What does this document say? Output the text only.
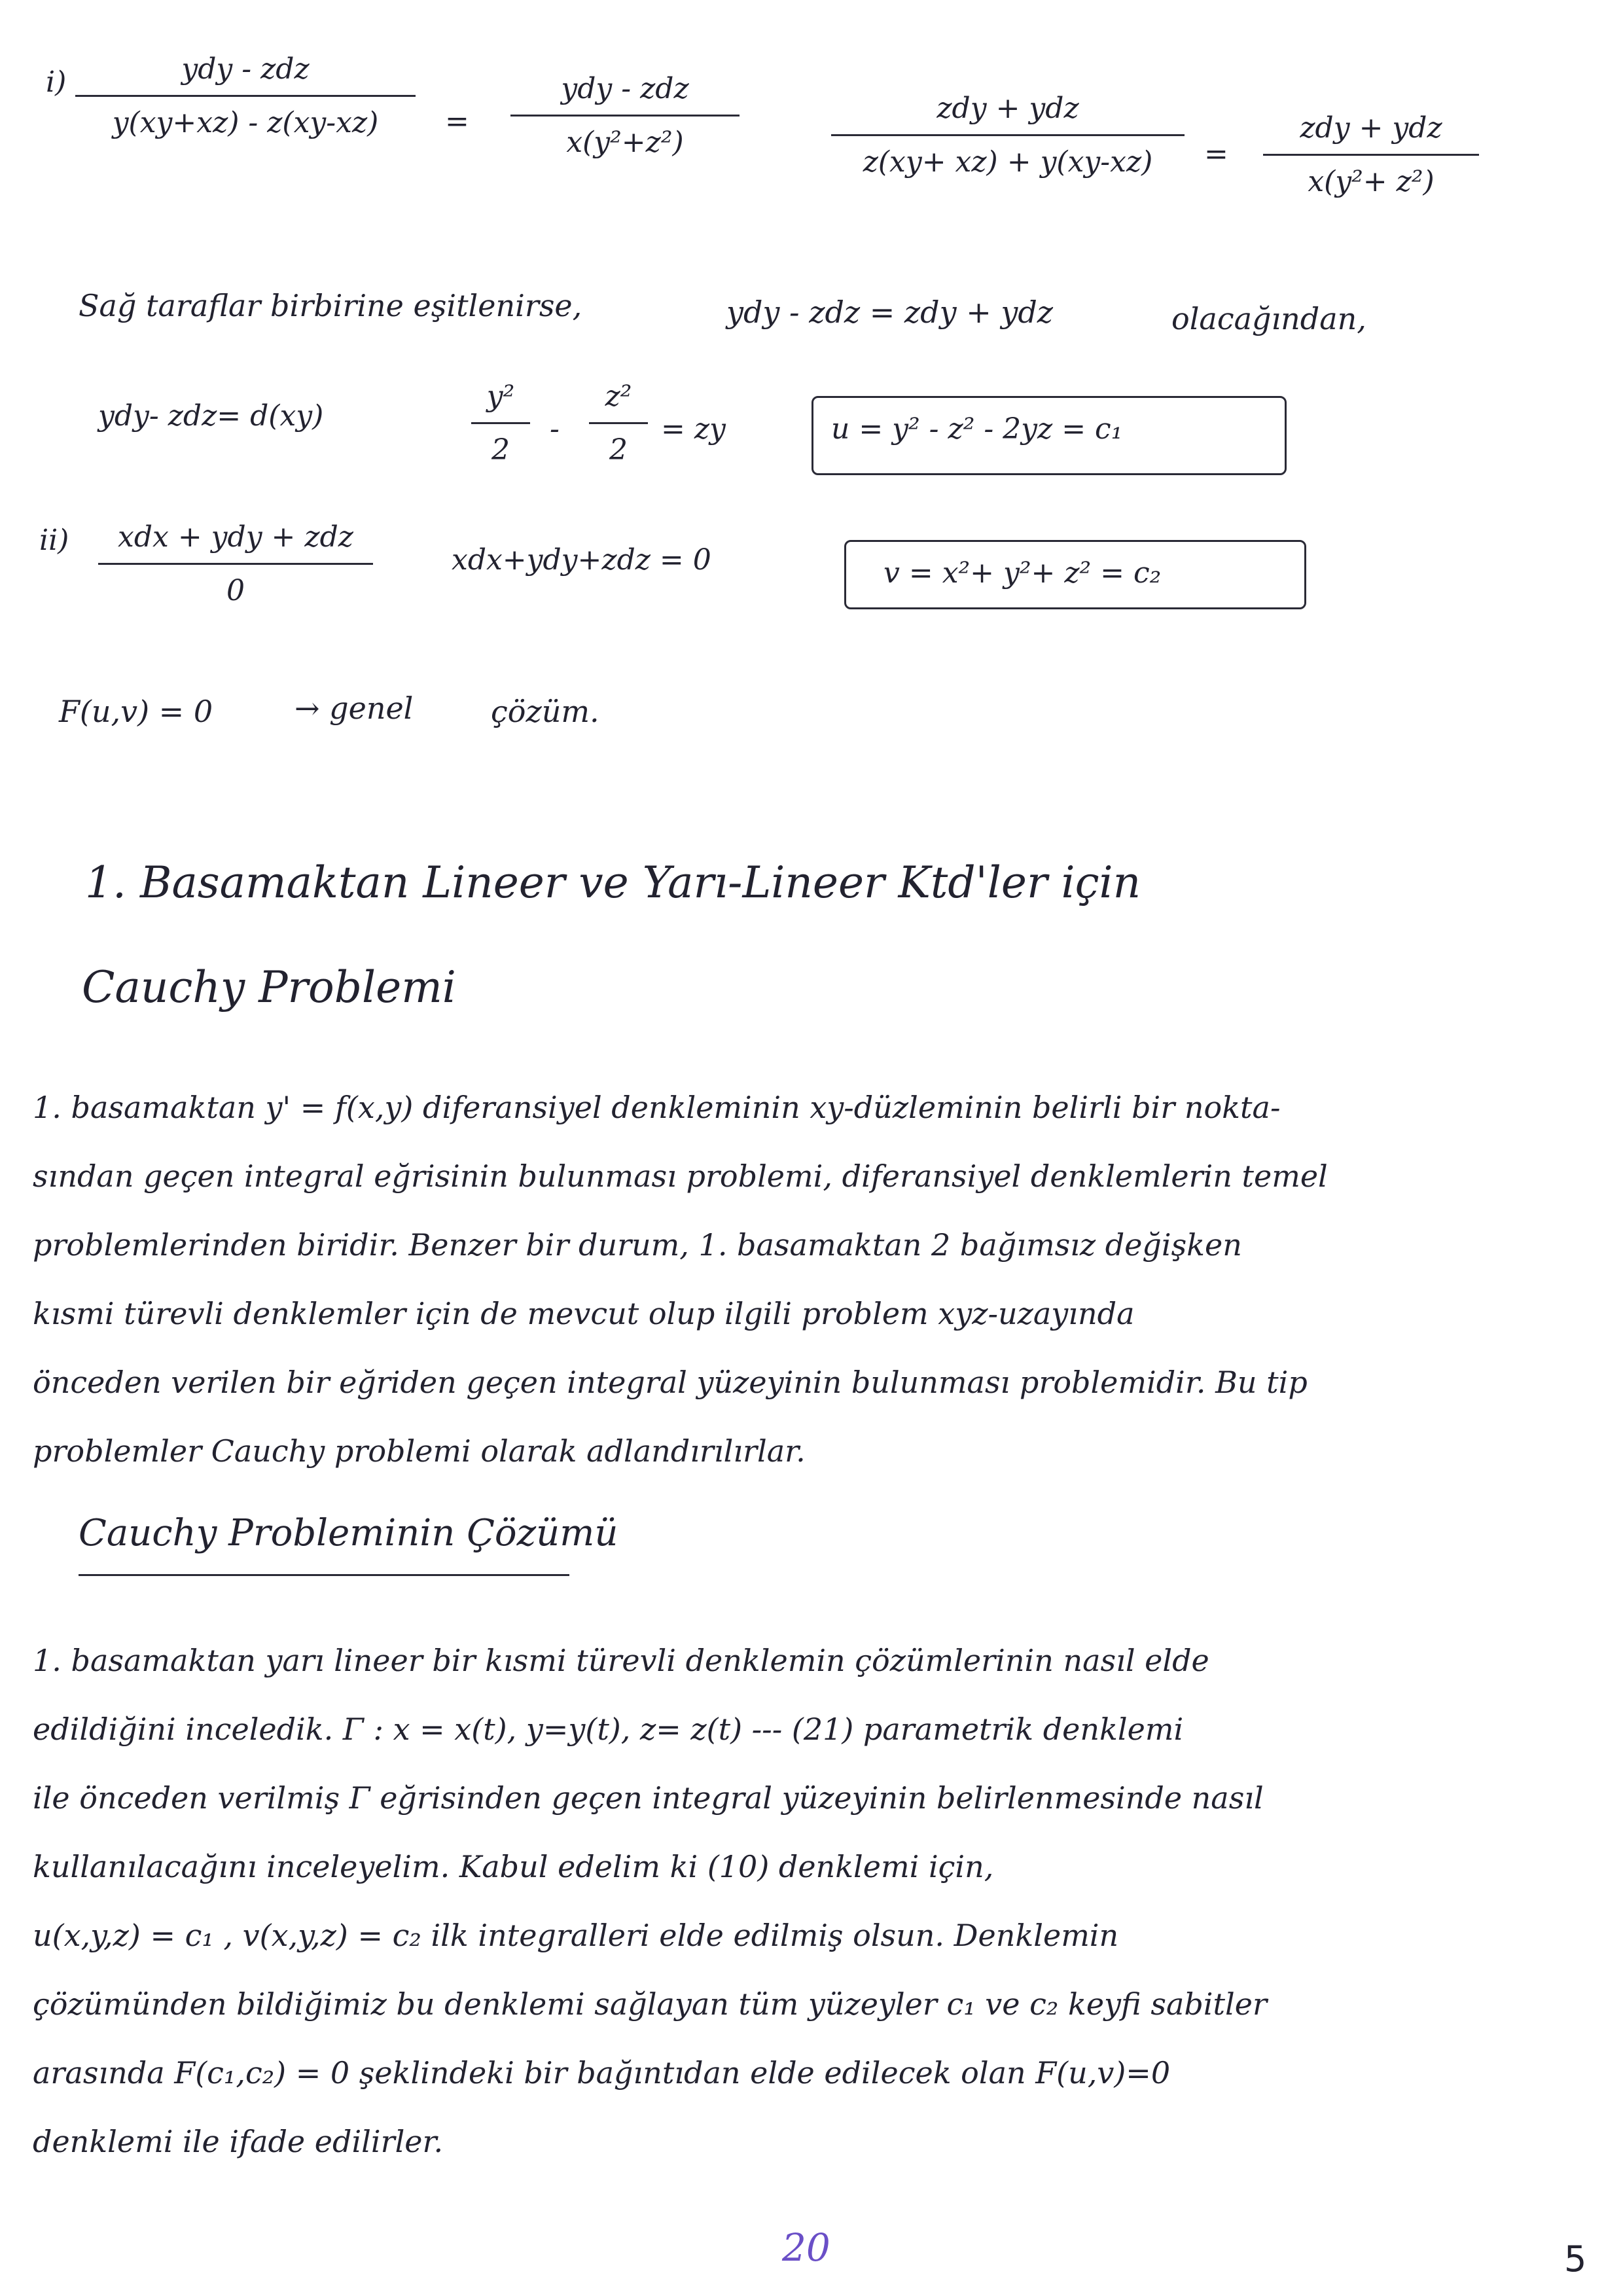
i)	ydy - zdz
y(xy+xz) - z(xy-xz)	=
ydy - zdz
x(y²+z²)
zdy + ydz
z(xy+ xz) + y(xy-xz)	=
zdy + ydz
x(y²+ z²)
Sağ taraflar birbirine eşitlenirse,	ydy - zdz = zdy + ydz	olacağından,
ydy- zdz= d(xy)
y²
2
-
z²
2
= zy	u = y² - z² - 2yz = c₁
ii)	xdx + ydy + zdz
0
xdx+ydy+zdz = 0	v = x²+ y²+ z² = c₂
F(u,v) = 0	→ genel	çözüm.
1. Basamaktan Lineer ve Yarı-Lineer Ktd'ler için
Cauchy Problemi
1. basamaktan y' = f(x,y) diferansiyel denkleminin xy-düzleminin belirli bir nokta-
sından geçen integral eğrisinin bulunması problemi, diferansiyel denklemlerin temel
problemlerinden biridir. Benzer bir durum, 1. basamaktan 2 bağımsız değişken
kısmi türevli denklemler için de mevcut olup ilgili problem xyz-uzayında
önceden verilen bir eğriden geçen integral yüzeyinin bulunması problemidir. Bu tip
problemler Cauchy problemi olarak adlandırılırlar.
Cauchy Probleminin Çözümü
1. basamaktan yarı lineer bir kısmi türevli denklemin çözümlerinin nasıl elde
edildiğini inceledik. Γ : x = x(t), y=y(t), z= z(t) --- (21) parametrik denklemi
ile önceden verilmiş Γ eğrisinden geçen integral yüzeyinin belirlenmesinde nasıl
kullanılacağını inceleyelim. Kabul edelim ki (10) denklemi için,
u(x,y,z) = c₁ , v(x,y,z) = c₂ ilk integralleri elde edilmiş olsun. Denklemin
çözümünden bildiğimiz bu denklemi sağlayan tüm yüzeyler c₁ ve c₂ keyfi sabitler
arasında F(c₁,c₂) = 0 şeklindeki bir bağıntıdan elde edilecek olan F(u,v)=0
denklemi ile ifade edilirler.
20	5
